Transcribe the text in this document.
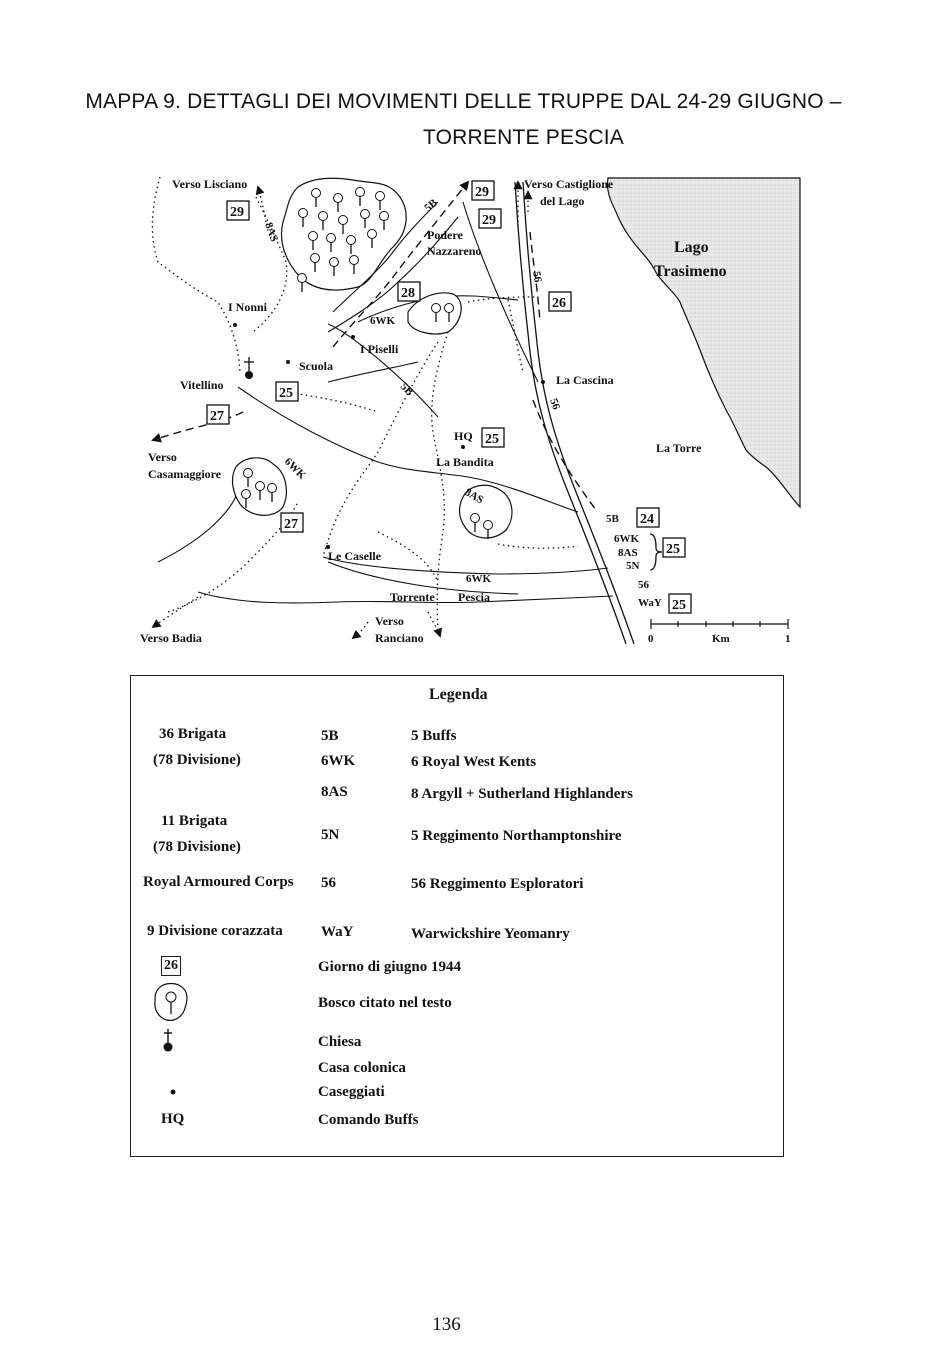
MAPPA 9. DETTAGLI DEI MOVIMENTI DELLE TRUPPE DAL 24-29 GIUGNO –
TORRENTE PESCIA
Verso Lisciano	Verso Castiglione
del Lago
Lago
Trasimeno
Podere
Nazzareno
I Nonni
I Piselli
Scuola
Vitellino	La Cascina
La Torre
HQ
La Bandita
Verso
Casamaggiore
Le Caselle
Torrente Pescia
Verso
Ranciano
Verso Badia
8AS
5B
6WK
5B
6WK
8AS
56
56
6WK
5B
6WK
8AS
5N
56
WaY
29
29
29
28
26
25
25
27
27	24
25
25
0	Km	1
Legenda
36 Brigata	5B	5 Buffs
(78 Divisione)	6WK	6 Royal West Kents
8AS	8 Argyll + Sutherland Highlanders
11 Brigata
(78 Divisione)
5N	5 Reggimento Northamptonshire
Royal Armoured Corps 56	56 Reggimento Esploratori
9 Divisione corazzata	WaY	Warwickshire Yeomanry
26	Giorno di giugno 1944
Bosco citato nel testo
Chiesa
Casa colonica
Caseggiati
HQ	Comando Buffs
136
